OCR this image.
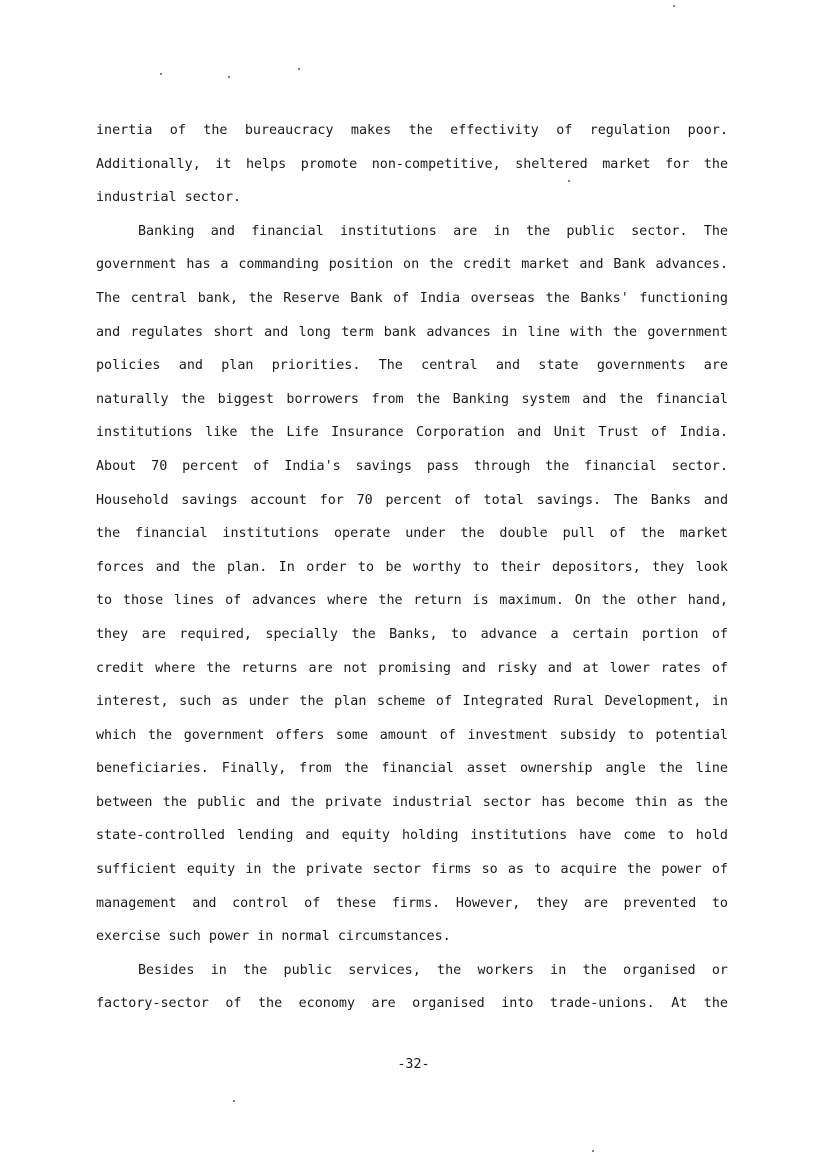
inertia of the bureaucracy makes the effectivity of regulation poor.
Additionally, it helps promote non-competitive, sheltered market for the
industrial sector.
Banking and financial institutions are in the public sector. The
government has a commanding position on the credit market and Bank advances.
The central bank, the Reserve Bank of India overseas the Banks' functioning
and regulates short and long term bank advances in line with the government
policies and plan priorities. The central and state governments are
naturally the biggest borrowers from the Banking system and the financial
institutions like the Life Insurance Corporation and Unit Trust of India.
About 70 percent of India's savings pass through the financial sector.
Household savings account for 70 percent of total savings. The Banks and
the financial institutions operate under the double pull of the market
forces and the plan. In order to be worthy to their depositors, they look
to those lines of advances where the return is maximum. On the other hand,
they are required, specially the Banks, to advance a certain portion of
credit where the returns are not promising and risky and at lower rates of
interest, such as under the plan scheme of Integrated Rural Development, in
which the government offers some amount of investment subsidy to potential
beneficiaries. Finally, from the financial asset ownership angle the line
between the public and the private industrial sector has become thin as the
state-controlled lending and equity holding institutions have come to hold
sufficient equity in the private sector firms so as to acquire the power of
management and control of these firms. However, they are prevented to
exercise such power in normal circumstances.
Besides in the public services, the workers in the organised or
factory-sector of the economy are organised into trade-unions. At the
-32-
